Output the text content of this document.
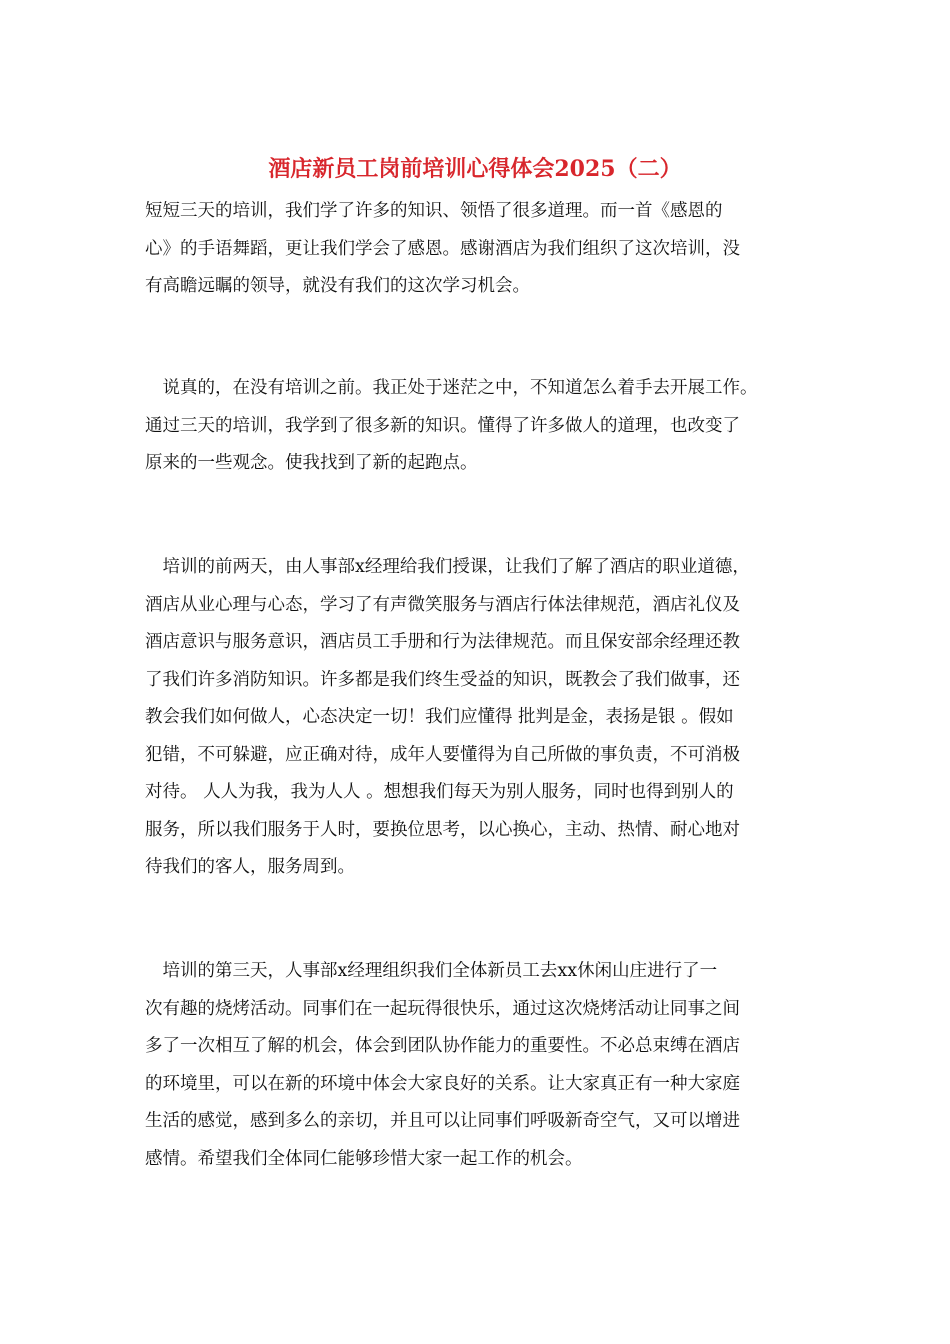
酒店新员工岗前培训心得体会2025（二）
短短三天的培训，我们学了许多的知识、领悟了很多道理。而一首《感恩的
心》的手语舞蹈，更让我们学会了感恩。感谢酒店为我们组织了这次培训，没
有高瞻远瞩的领导，就没有我们的这次学习机会。
　说真的，在没有培训之前。我正处于迷茫之中，不知道怎么着手去开展工作。
通过三天的培训，我学到了很多新的知识。懂得了许多做人的道理，也改变了
原来的一些观念。使我找到了新的起跑点。
　培训的前两天，由人事部x经理给我们授课，让我们了解了酒店的职业道德，
酒店从业心理与心态，学习了有声微笑服务与酒店行体法律规范，酒店礼仪及
酒店意识与服务意识，酒店员工手册和行为法律规范。而且保安部余经理还教
了我们许多消防知识。许多都是我们终生受益的知识，既教会了我们做事，还
教会我们如何做人，心态决定一切！我们应懂得 批判是金，表扬是银 。假如
犯错，不可躲避，应正确对待，成年人要懂得为自己所做的事负责，不可消极
对待。 人人为我，我为人人 。想想我们每天为别人服务，同时也得到别人的
服务，所以我们服务于人时，要换位思考，以心换心，主动、热情、耐心地对
待我们的客人，服务周到。
　培训的第三天，人事部x经理组织我们全体新员工去xx休闲山庄进行了一
次有趣的烧烤活动。同事们在一起玩得很快乐，通过这次烧烤活动让同事之间
多了一次相互了解的机会，体会到团队协作能力的重要性。不必总束缚在酒店
的环境里，可以在新的环境中体会大家良好的关系。让大家真正有一种大家庭
生活的感觉，感到多么的亲切，并且可以让同事们呼吸新奇空气，又可以增进
感情。希望我们全体同仁能够珍惜大家一起工作的机会。
